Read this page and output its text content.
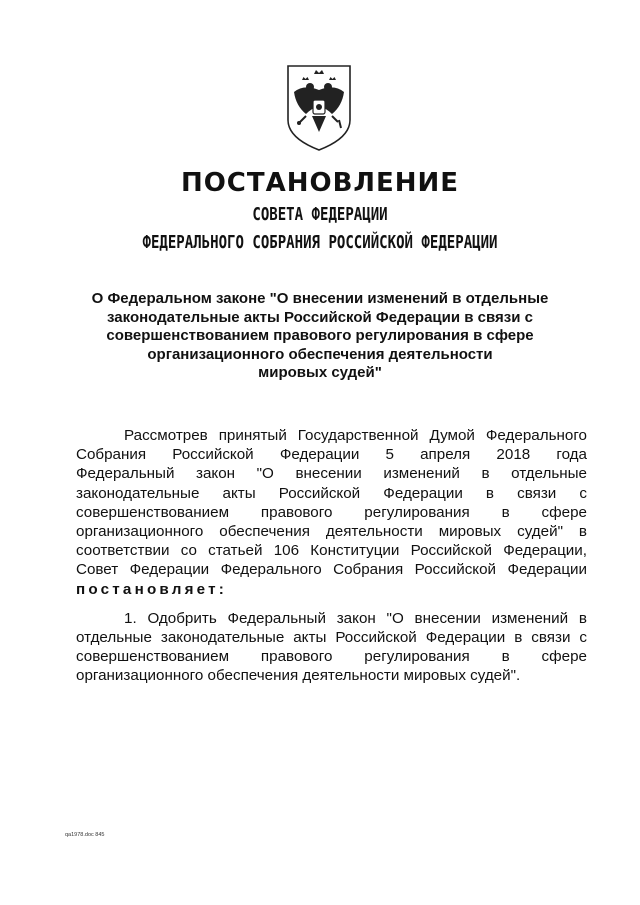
ПОСТАНОВЛЕНИЕ
СОВЕТА ФЕДЕРАЦИИ
ФЕДЕРАЛЬНОГО СОБРАНИЯ РОССИЙСКОЙ ФЕДЕРАЦИИ
О Федеральном законе "О внесении изменений в отдельные
законодательные акты Российской Федерации в связи с
совершенствованием правового регулирования в сфере
организационного обеспечения деятельности
мировых судей"
Рассмотрев принятый Государственной Думой Федерального
Собрания Российской Федерации 5 апреля 2018 года
Федеральный закон "О внесении изменений в отдельные
законодательные акты Российской Федерации в связи с
совершенствованием правового регулирования в сфере
организационного обеспечения деятельности мировых судей" в
соответствии со статьей 106 Конституции Российской Федерации,
Совет Федерации Федерального Собрания Российской Федерации
постановляет:
1. Одобрить Федеральный закон "О внесении изменений в
отдельные законодательные акты Российской Федерации в связи с
совершенствованием правового регулирования в сфере
организационного обеспечения деятельности мировых судей".
qa1978.doc 845
